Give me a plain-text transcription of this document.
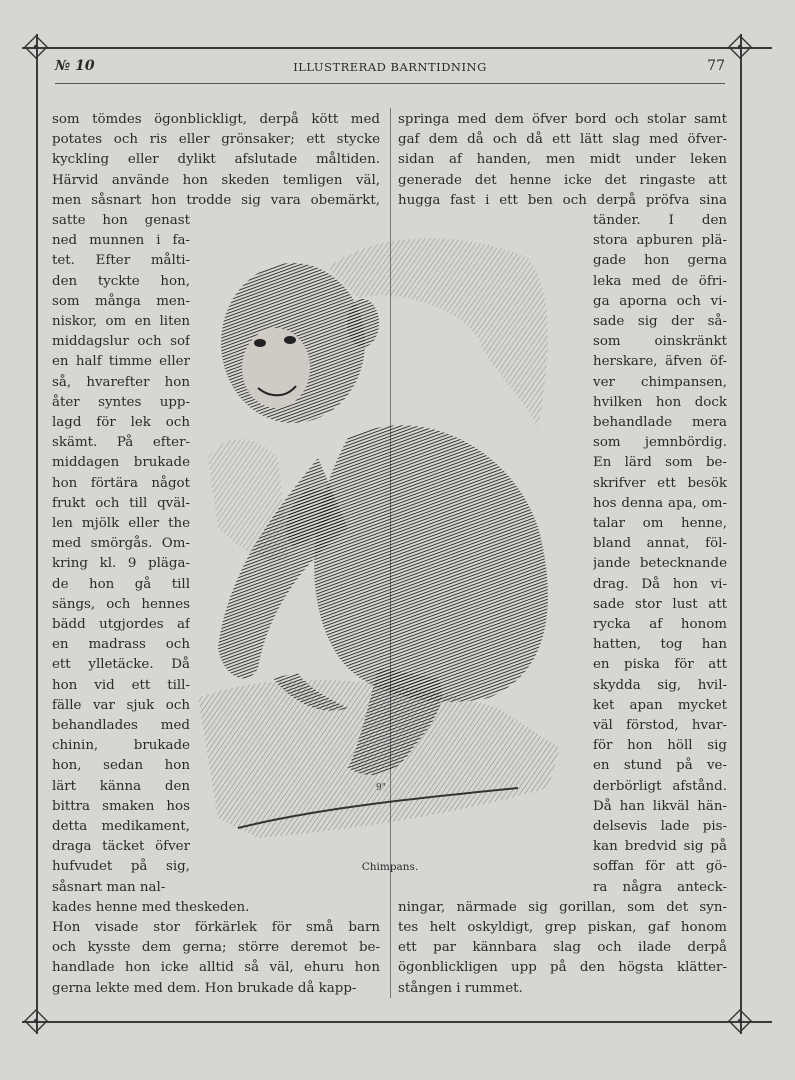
№ 10	ILLUSTRERAD BARNTIDNING	77
som tömdes ögonblickligt, derpå kött med
potates och ris eller grönsaker; ett stycke
kyckling eller dylikt afslutade måltiden.
Härvid använde hon skeden temligen väl,
men såsnart hon trodde sig vara obemärkt,
satte hon genast
ned munnen i fa-
tet. Efter målti-
den tyckte hon,
som många men-
niskor, om en liten
middagslur och sof
en half timme eller
så, hvarefter hon
åter syntes upp-
lagd för lek och
skämt. På efter-
middagen brukade
hon förtära något
frukt och till qväl-
len mjölk eller the
med smörgås. Om-
kring kl. 9 pläga-
de hon gå till
sängs, och hennes
bädd utgjordes af
en madrass och
ett ylletäcke. Då
hon vid ett till-
fälle var sjuk och
behandlades med
chinin, brukade
hon, sedan hon
lärt känna den
bittra smaken hos
detta medikament,
draga täcket öfver
hufvudet på sig,
såsnart man nal-
kades henne med theskeden.
Hon visade stor förkärlek för små barn
och kysste dem gerna; större deremot be-
handlade hon icke alltid så väl, ehuru hon
gerna lekte med dem. Hon brukade då kapp-
springa med dem öfver bord och stolar samt
gaf dem då och då ett lätt slag med öfver-
sidan af handen, men midt under leken
generade det henne icke det ringaste att
hugga fast i ett ben och derpå pröfva sina
tänder. I den
stora apburen plä-
gade hon gerna
leka med de öfri-
ga aporna och vi-
sade sig der så-
som oinskränkt
herskare, äfven öf-
ver chimpansen,
hvilken hon dock
behandlade mera
som jemnbördig.
En lärd som be-
skrifver ett besök
hos denna apa, om-
talar om henne,
bland annat, föl-
jande betecknande
drag. Då hon vi-
sade stor lust att
rycka af honom
hatten, tog han
en piska för att
skydda sig, hvil-
ket apan mycket
väl förstod, hvar-
för hon höll sig
en stund på ve-
derbörligt afstånd.
Då han likväl hän-
delsevis lade pis-
kan bredvid sig på
soffan för att gö-
ra några anteck-
ningar, närmade sig gorillan, som det syn-
tes helt oskyldigt, grep piskan, gaf honom
ett par kännbara slag och ilade derpå
ögonblickligen upp på den högsta klätter-
stången i rummet.
9"
Chimpans.
